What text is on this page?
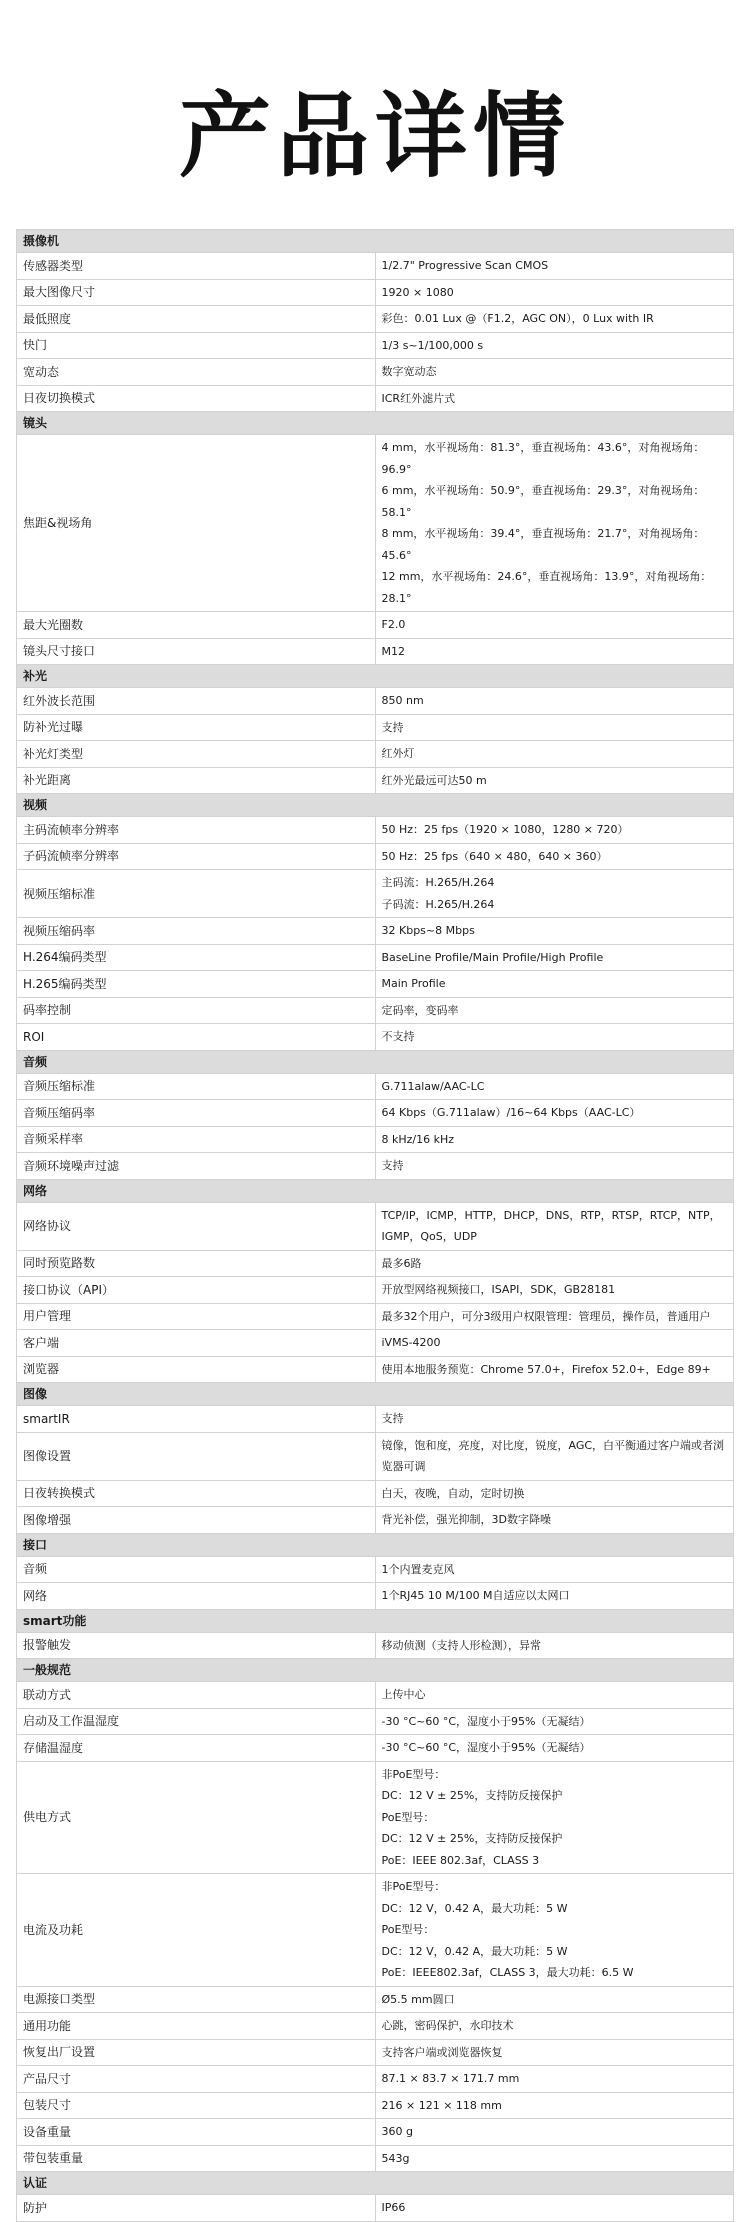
产品详情
摄像机	
传感器类型	1/2.7" Progressive Scan CMOS

最大图像尺寸	1920 × 1080

最低照度	彩色：0.01 Lux @（F1.2，AGC ON），0 Lux with IR

快门	1/3 s~1/100,000 s

宽动态	数字宽动态

日夜切换模式	ICR红外滤片式

镜头	
焦距&视场角	4 mm，水平视场角：81.3°，垂直视场角：43.6°，对角视场角：96.9°
6 mm，水平视场角：50.9°，垂直视场角：29.3°，对角视场角：58.1°
8 mm，水平视场角：39.4°，垂直视场角：21.7°，对角视场角：45.6°
12 mm，水平视场角：24.6°，垂直视场角：13.9°，对角视场角：28.1°

最大光圈数	F2.0

镜头尺寸接口	M12

补光	
红外波长范围	850 nm

防补光过曝	支持

补光灯类型	红外灯

补光距离	红外光最远可达50 m

视频	
主码流帧率分辨率	50 Hz：25 fps（1920 × 1080，1280 × 720）

子码流帧率分辨率	50 Hz：25 fps（640 × 480，640 × 360）

视频压缩标准	主码流：H.265/H.264
子码流：H.265/H.264

视频压缩码率	32 Kbps~8 Mbps

H.264编码类型	BaseLine Profile/Main Profile/High Profile

H.265编码类型	Main Profile

码率控制	定码率，变码率

ROI	不支持

音频	
音频压缩标准	G.711alaw/AAC-LC

音频压缩码率	64 Kbps（G.711alaw）/16~64 Kbps（AAC-LC）

音频采样率	8 kHz/16 kHz

音频环境噪声过滤	支持

网络	
网络协议	TCP/IP，ICMP，HTTP，DHCP，DNS，RTP，RTSP，RTCP，NTP，IGMP，QoS，UDP

同时预览路数	最多6路

接口协议（API）	开放型网络视频接口，ISAPI，SDK，GB28181

用户管理	最多32个用户，可分3级用户权限管理：管理员，操作员，普通用户

客户端	iVMS-4200

浏览器	使用本地服务预览：Chrome 57.0+，Firefox 52.0+，Edge 89+

图像	
smartIR	支持

图像设置	镜像，饱和度，亮度，对比度，锐度，AGC，白平衡通过客户端或者浏览器可调

日夜转换模式	白天，夜晚，自动，定时切换

图像增强	背光补偿，强光抑制，3D数字降噪

接口	
音频	1个内置麦克风

网络	1个RJ45 10 M/100 M自适应以太网口

smart功能	
报警触发	移动侦测（支持人形检测），异常

一般规范	
联动方式	上传中心

启动及工作温湿度	-30 °C~60 °C，湿度小于95%（无凝结）

存储温湿度	-30 °C~60 °C，湿度小于95%（无凝结）

供电方式	非PoE型号：
DC：12 V ± 25%，支持防反接保护
PoE型号：
DC：12 V ± 25%，支持防反接保护
PoE：IEEE 802.3af，CLASS 3

电流及功耗	非PoE型号：
DC：12 V，0.42 A，最大功耗：5 W
PoE型号：
DC：12 V，0.42 A，最大功耗：5 W
PoE：IEEE802.3af，CLASS 3，最大功耗：6.5 W

电源接口类型	Ø5.5 mm圆口

通用功能	心跳，密码保护，水印技术

恢复出厂设置	支持客户端或浏览器恢复

产品尺寸	87.1 × 83.7 × 171.7 mm

包装尺寸	216 × 121 × 118 mm

设备重量	360 g

带包装重量	543g

认证	
防护	IP66
